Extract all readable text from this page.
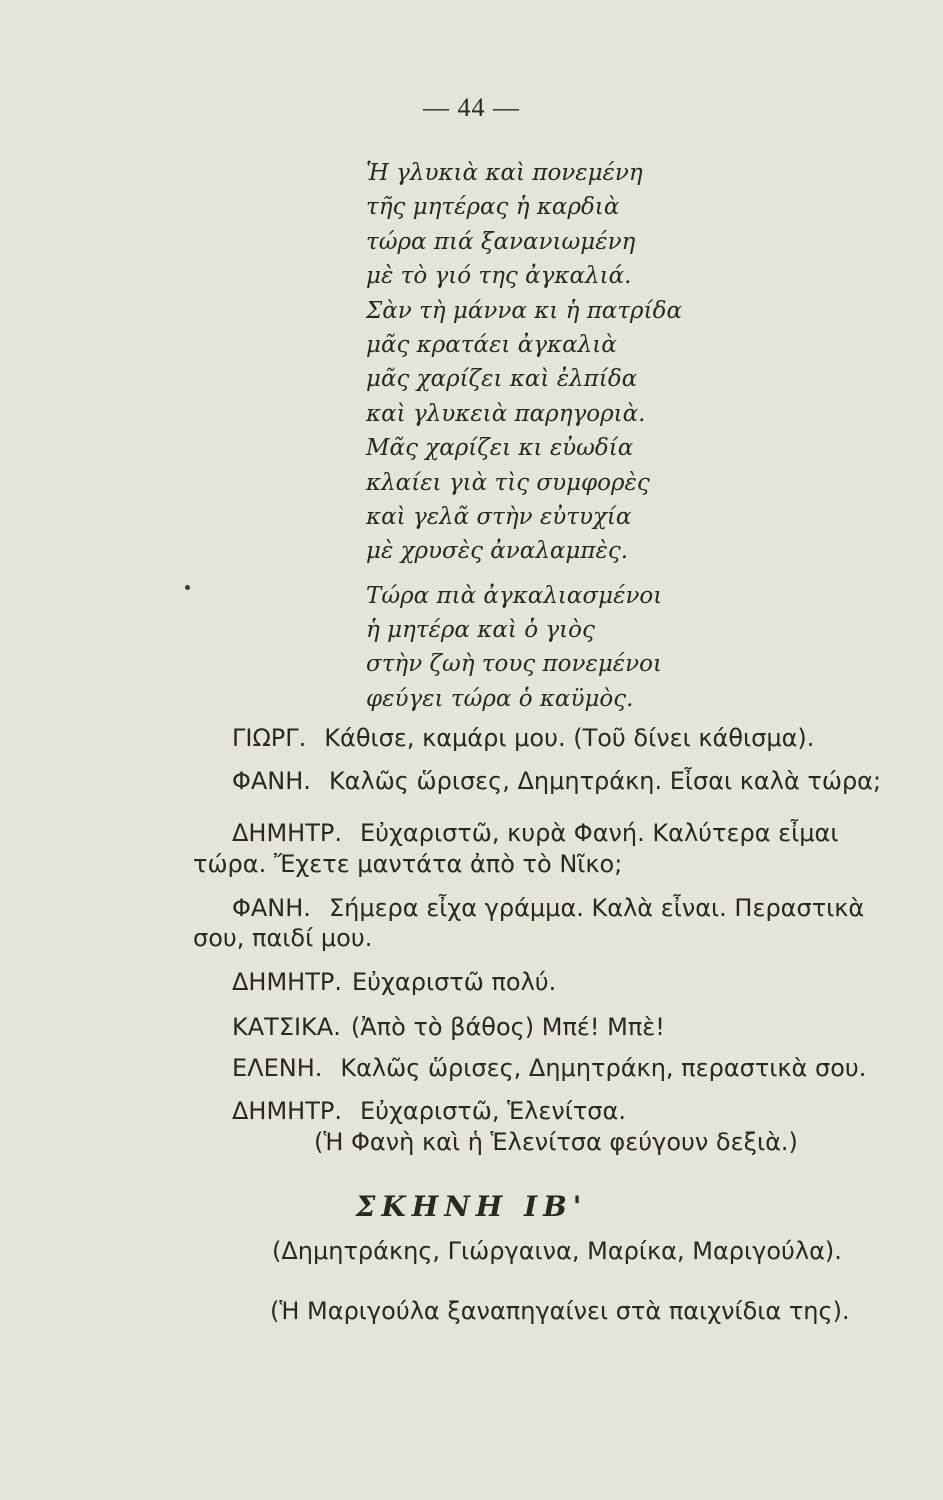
— 44 —
Ἡ γλυκιὰ καὶ πονεμένη
τῆς μητέρας ἡ καρδιὰ
τώρα πιά ξανανιωμένη
μὲ τὸ γιό της ἀγκαλιά.
Σὰν τὴ μάννα κι ἡ πατρίδα
μᾶς κρατάει ἀγκαλιὰ
μᾶς χαρίζει καὶ ἐλπίδα
καὶ γλυκειὰ παρηγοριὰ.
Μᾶς χαρίζει κι εὐωδία
κλαίει γιὰ τὶς συμφορὲς
καὶ γελᾶ στὴν εὐτυχία
μὲ χρυσὲς ἀναλαμπὲς.
Τώρα πιὰ ἀγκαλιασμένοι
ἡ μητέρα καὶ ὁ γιὸς
στὴν ζωὴ τους πονεμένοι
φεύγει τώρα ὁ καϋμὸς.
ΓΙΩΡΓ. Κάθισε, καμάρι μου. (Τοῦ δίνει κάθισμα).
ΦΑΝΗ. Καλῶς ὥρισες, Δημητράκη. Εἶσαι καλὰ τώρα;
ΔΗΜΗΤΡ. Εὐχαριστῶ, κυρὰ Φανή. Καλύτερα εἶμαι
τώρα. Ἔχετε μαντάτα ἀπὸ τὸ Νῖκο;
ΦΑΝΗ. Σήμερα εἶχα γράμμα. Καλὰ εἶναι. Περαστικὰ
σου, παιδί μου.
ΔΗΜΗΤΡ. Εὐχαριστῶ πολύ.
ΚΑΤΣΙΚΑ. (Ἀπὸ τὸ βάθος) Μπέ! Μπὲ!
ΕΛΕΝΗ. Καλῶς ὥρισες, Δημητράκη, περαστικὰ σου.
ΔΗΜΗΤΡ. Εὐχαριστῶ, Ἑλενίτσα.
(Ἡ Φανὴ καὶ ἡ Ἑλενίτσα φεύγουν δεξιὰ.)
ΣΚΗΝΗ ΙΒ'
(Δημητράκης, Γιώργαινα, Μαρίκα, Μαριγούλα).
(Ἡ Μαριγούλα ξαναπηγαίνει στὰ παιχνίδια της).
